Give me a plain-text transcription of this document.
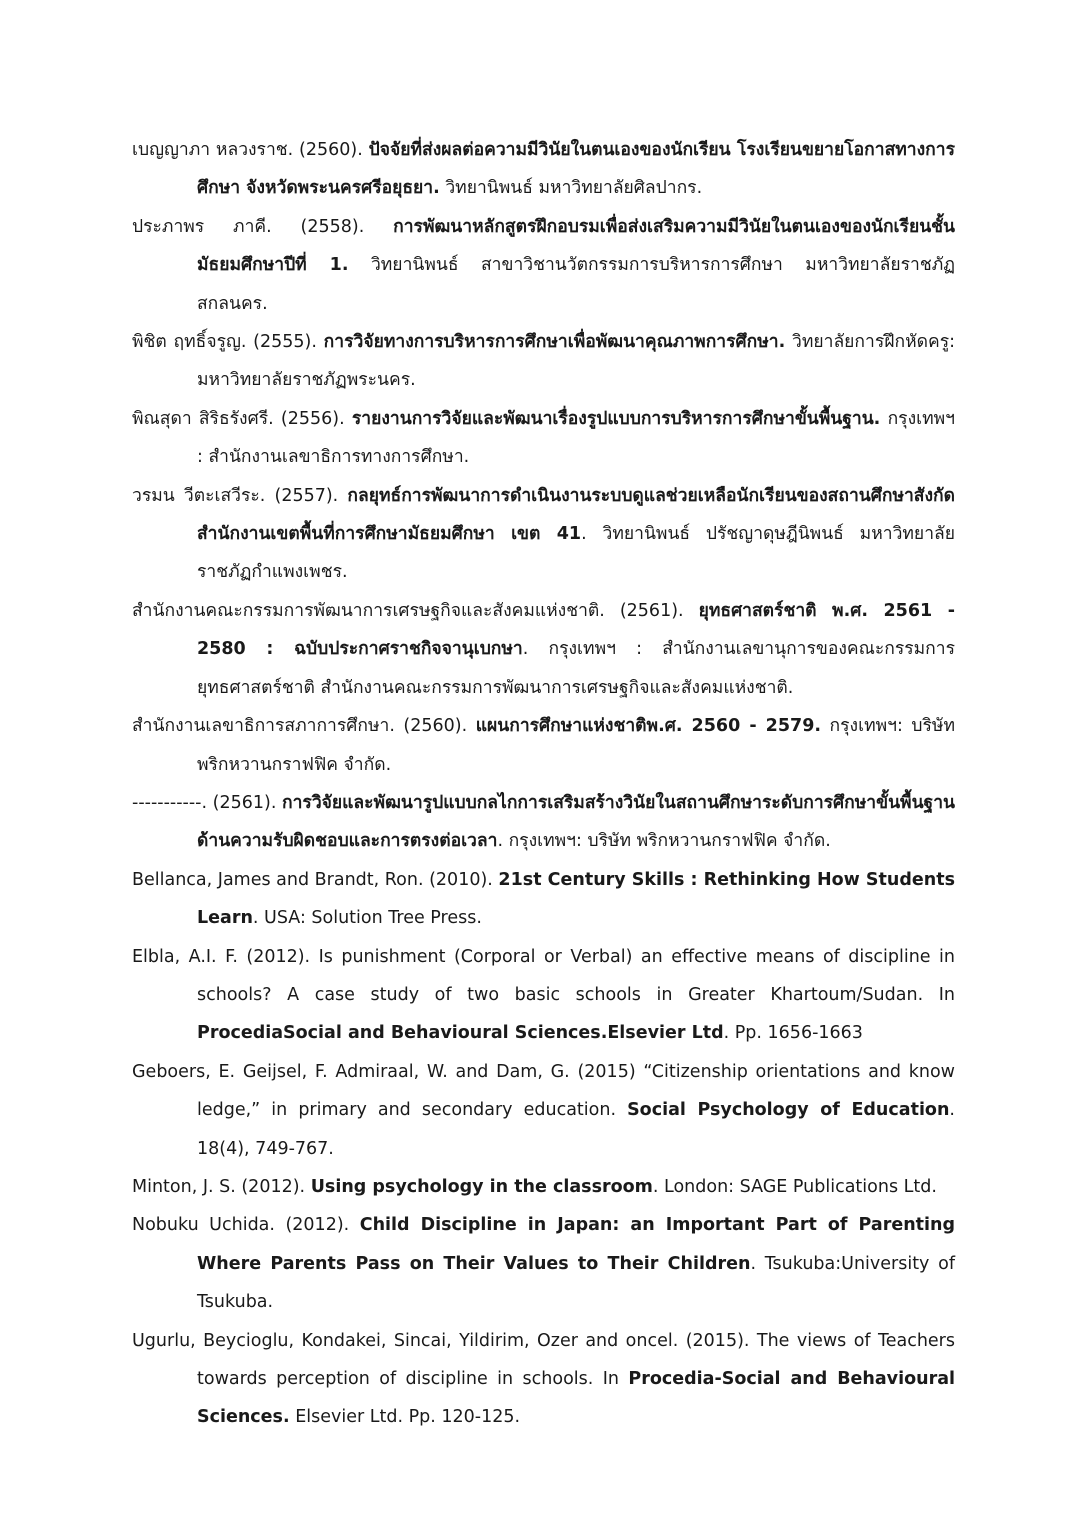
เบญญาภา หลวงราช. (2560). ปัจจัยที่ส่งผลต่อความมีวินัยในตนเองของนักเรียน โรงเรียนขยายโอกาสทางการศึกษา จังหวัดพระนครศรีอยุธยา. วิทยานิพนธ์ มหาวิทยาลัยศิลปากร.

ประภาพร ภาคี. (2558). การพัฒนาหลักสูตรฝึกอบรมเพื่อส่งเสริมความมีวินัยในตนเองของนักเรียนชั้นมัธยมศึกษาปีที่ 1. วิทยานิพนธ์ สาขาวิชานวัตกรรมการบริหารการศึกษา มหาวิทยาลัยราชภัฏสกลนคร.

พิชิต ฤทธิ์จรูญ. (2555). การวิจัยทางการบริหารการศึกษาเพื่อพัฒนาคุณภาพการศึกษา. วิทยาลัยการฝึกหัดครู: มหาวิทยาลัยราชภัฏพระนคร.

พิณสุดา สิริธรังศรี. (2556). รายงานการวิจัยและพัฒนาเรื่องรูปแบบการบริหารการศึกษาขั้นพื้นฐาน. กรุงเทพฯ : สำนักงานเลขาธิการทางการศึกษา.

วรมน วีตะเสวีระ. (2557). กลยุทธ์การพัฒนาการดำเนินงานระบบดูแลช่วยเหลือนักเรียนของสถานศึกษาสังกัดสำนักงานเขตพื้นที่การศึกษามัธยมศึกษา เขต 41. วิทยานิพนธ์ ปรัชญาดุษฎีนิพนธ์ มหาวิทยาลัยราชภัฏกำแพงเพชร.

สำนักงานคณะกรรมการพัฒนาการเศรษฐกิจและสังคมแห่งชาติ. (2561). ยุทธศาสตร์ชาติ พ.ศ. 2561 - 2580 : ฉบับประกาศราชกิจจานุเบกษา. กรุงเทพฯ : สำนักงานเลขานุการของคณะกรรมการยุทธศาสตร์ชาติ สำนักงานคณะกรรมการพัฒนาการเศรษฐกิจและสังคมแห่งชาติ.

สำนักงานเลขาธิการสภาการศึกษา. (2560). แผนการศึกษาแห่งชาติพ.ศ. 2560 - 2579. กรุงเทพฯ: บริษัท พริกหวานกราฟฟิค จำกัด.

-----------. (2561). การวิจัยและพัฒนารูปแบบกลไกการเสริมสร้างวินัยในสถานศึกษาระดับการศึกษาขั้นพื้นฐาน ด้านความรับผิดชอบและการตรงต่อเวลา. กรุงเทพฯ: บริษัท พริกหวานกราฟฟิค จำกัด.

Bellanca, James and Brandt, Ron. (2010). 21st Century Skills : Rethinking How Students Learn. USA: Solution Tree Press.

Elbla, A.I. F. (2012). Is punishment (Corporal or Verbal) an effective means of discipline in schools? A case study of two basic schools in Greater Khartoum/Sudan. In ProcediaSocial and Behavioural Sciences.Elsevier Ltd. Pp. 1656-1663

Geboers, E. Geijsel, F. Admiraal, W. and Dam, G. (2015) “Citizenship orientations and know ledge,” in primary and secondary education. Social Psychology of Education. 18(4), 749-767.

Minton, J. S. (2012). Using psychology in the classroom. London: SAGE Publications Ltd.

Nobuku Uchida. (2012). Child Discipline in Japan: an Important Part of Parenting Where Parents Pass on Their Values to Their Children. Tsukuba:University of Tsukuba.

Ugurlu, Beycioglu, Kondakei, Sincai, Yildirim, Ozer and oncel. (2015). The views of Teachers towards perception of discipline in schools. In Procedia-Social and Behavioural Sciences. Elsevier Ltd. Pp. 120-125.
